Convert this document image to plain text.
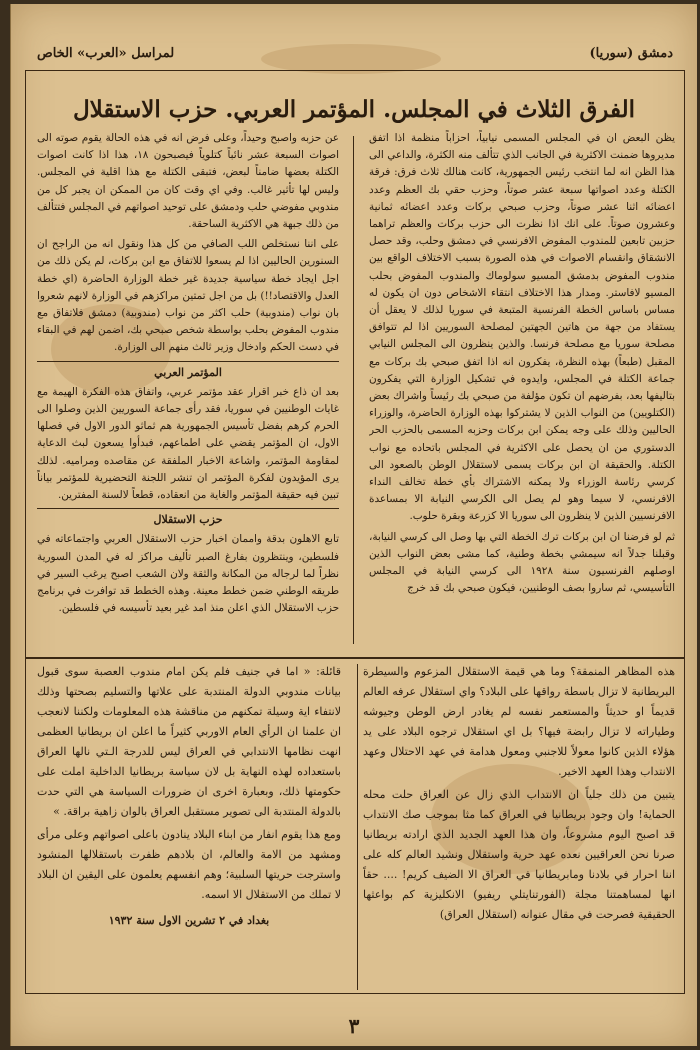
لمراسل «العرب» الخاص	دمشق (سوريا)
الفرق الثلاث في المجلس. المؤتمر العربي. حزب الاستقلال

يظن البعض ان في المجلس المسمى نيابياً، احزاباً منظمة اذا اتفق مديروها ضمنت الاكثرية في الجانب الذي تتألف منه الكثرة، والداعي الى هذا الظن انه لما انتخب رئيس الجمهورية، كانت هنالك ثلاث فرق: فرقة الكتلة وعدد اصواتها سبعة عشر صوتاً، وحزب حقي بك العظم وعدد اعضائه اثنا عشر صوتاً، وحزب صبحي بركات وعدد اعضائه ثمانية وعشرون صوتاً. على انك اذا نظرت الى حزب بركات والعظم تراهما حزبين تابعين للمندوب المفوض الافرنسي في دمشق وحلب، وقد حصل الانشقاق وانقسام الاصوات في هذه الصورة بسبب الاختلاف الواقع بين مندوب المفوض بدمشق المسيو سولوماك والمندوب المفوض بحلب المسيو لافاستر. ومدار هذا الاختلاف انتقاء الاشخاص دون ان يكون له مساس باساس الخطة الفرنسية المتبعة في سوريا لذلك لا يعقل أن يستفاد من جهة من هاتين الجهتين لمصلحة السوريين اذا لم تتوافق مصلحة سوريا مع مصلحة فرنسا. والذين ينظرون الى المجلس النيابي المقبل (طبعاً) بهذه النظرة، يفكرون انه اذا اتفق صبحي بك بركات مع جماعة الكتلة في المجلس، وايدوه في تشكيل الوزارة التي يفكرون بتاليفها بعد، بفرضهم ان تكون مؤلفة من صبحي بك رئيساً واشراك بعض (الكتلويين) من النواب الذين لا يشتركوا بهذه الوزارة الحاضرة، والوزراء الحاليين وذلك على وجه يمكن ابن بركات وحزبه المسمى بالحزب الحر الدستوري من ان يحصل على الاكثرية في المجلس باتحاده مع نواب الكتلة. والحقيقة ان ابن بركات يسمى لاستقلال الوطن بالصعود الى كرسي رئاسة الوزراء ولا يمكنه الاشتراك بأي خطة تخالف النداء الافرنسي، لا سيما وهو لم يصل الى الكرسي النيابة الا بمساعدة الافرنسيين الذين لا ينظرون الى سوريا الا كزرعة وبقرة حلوب.

ثم لو فرضنا ان ابن بركات ترك الخطة التي بها وصل الى كرسي النيابة، وقبلنا جدلاً انه سيمشي بخطة وطنية، كما مشى بعض النواب الذين اوصلهم الفرنسيون سنة ١٩٢٨ الى كرسي النيابة في المجلس التأسيسي، ثم ساروا بصف الوطنيين، فيكون صبحي بك قد خرج

عن حزبه واصبح وحيداً، وعلى فرض انه في هذه الحالة يقوم صوته الى اصوات السبعة عشر نائباً كتلوياً فيصبحون ١٨، هذا اذا كانت اصوات الكتلة بعضها ضامناً لبعض، فتبقى الكتلة مع هذا اقلية في المجلس. وليس لها تأثير غالب. وفي اي وقت كان من الممكن ان يجبر كل من مندوبي مفوضي حلب ودمشق على توحيد اصواتهم في المجلس فتتألف من ذلك جبهة هي الاكثرية الساحقة.

على اننا نستخلص اللب الصافي من كل هذا ونقول انه من الراجح ان السنورين الحاليين اذا لم يسعوا للاتفاق مع ابن بركات، لم يكن ذلك من اجل ايجاد خطة سياسية جديدة غير خطة الوزارة الحاضرة (اي خطة العدل والاقتصاد!!) بل من اجل تمتين مراكزهم في الوزارة لانهم شعروا بان نواب (مندوبية) حلب اكثر من نواب (مندوبية) دمشق فلاتفاق مع مندوب المفوض بحلب بواسطة شخص صبحي بك، اضمن لهم في البقاء في دست الحكم وادخال وزير ثالث منهم الى الوزارة.

المؤتمر العربي

بعد ان ذاع خبر اقرار عقد مؤتمر عربي، واتفاق هذه الفكرة الهيمة مع غايات الوطنيين في سوريا، فقد رأى جماعة السوريين الذين وصلوا الى الحرم كرهم بفضل تأسيس الجمهورية هم ثماثو الدور الاول في فصلها الاول، ان المؤتمر يقضي على اطماعهم، فبدأوا يسعون لبث الدعاية لمقاومة المؤتمر، واشاعة الاخبار الملفقة عن مقاصده ومراميه. لذلك يرى المؤيدون لفكرة المؤتمر ان تنشر اللجنة التحضيرية للمؤتمر بياناً تبين فيه حقيقة المؤتمر والغاية من انعقاده، قطعاً لالسنة المفترين.

حزب الاستقلال

تابع الاهلون بدقة واممان اخبار حزب الاستقلال العربي واجتماعاته في فلسطين، وينتظرون بفارغ الصبر تأليف مراكز له في المدن السورية نظراً لما لرجاله من المكانة والثقة ولان الشعب اصبح يرغب السير في طريقه الوطني ضمن خطط معينة. وهذه الخطط قد توافرت في برنامج حزب الاستقلال الذي اعلن منذ امد غير بعيد تأسيسه في فلسطين.

هذه المظاهر المنمقة؟ وما هي قيمة الاستقلال المزعوم والسيطرة البريطانية لا تزال باسطة رواقها على البلاد؟ واي استقلال عرفه العالم قديماً او حديثاً والمستعمر نفسه لم يغادر ارض الوطن وجيوشه وطياراته لا تزال رابضة فيها؟ بل اي استقلال ترجوه البلاد على يد هؤلاء الذين كانوا معولاً للاجنبي ومعول هدامة في عهد الاحتلال وعهد الانتداب وهذا العهد الاخير.

يتبين من ذلك جلياً ان الانتداب الذي زال عن العراق حلت محله الحماية! وان وجود بريطانيا في العراق كما مثا بموجب صك الانتداب قد اصبح اليوم مشروعاً، وان هذا العهد الجديد الذي ارادته بريطانيا صرنا نحن العراقيين نعده عهد حرية واستقلال ونشيد العالم كله على اننا احرار في بلادنا ومابريطانيا في العراق الا الضيف كريم! .... حقاً انها لمساهمتنا مجلة (الفورتنايتلي ريفيو) الانكليزية كم بواعثها الحقيقية فصرحت في مقال عنوانه (استقلال العراق)

قائلة: « اما في جنيف فلم يكن امام مندوب العصبة سوى قبول بيانات مندوبي الدولة المنتدبة على علاتها والتسليم بصحتها وذلك لانتفاء اية وسيلة تمكنهم من مناقشة هذه المعلومات ولكننا لانعجب ان علمنا ان الرأي العام الاوربي كثيراً ما اعلن ان بريطانيا العظمى انهت نظامها الانتدابي في العراق ليس للدرجة الـتي نالها العراق باستعداده لهذه النهاية بل لان سياسة بريطانيا الداخلية املت على حكومتها ذلك، وبعبارة اخرى ان ضرورات السياسة هي التي حدت بالدولة المنتدبة الى تصوير مستقبل العراق بالوان زاهية براقة. »

ومع هذا يقوم انفار من ابناء البلاد ينادون باعلى اصواتهم وعلى مرأى ومشهد من الامة والعالم، ان بلادهم ظفرت باستقلالها المنشود واسترجت حريتها السلبية؛ وهم انفسهم يعلمون على اليقين ان البلاد لا تملك من الاستقلال الا اسمه.

بغداد في ٢ تشرين الاول سنة ١٩٣٢
٣
